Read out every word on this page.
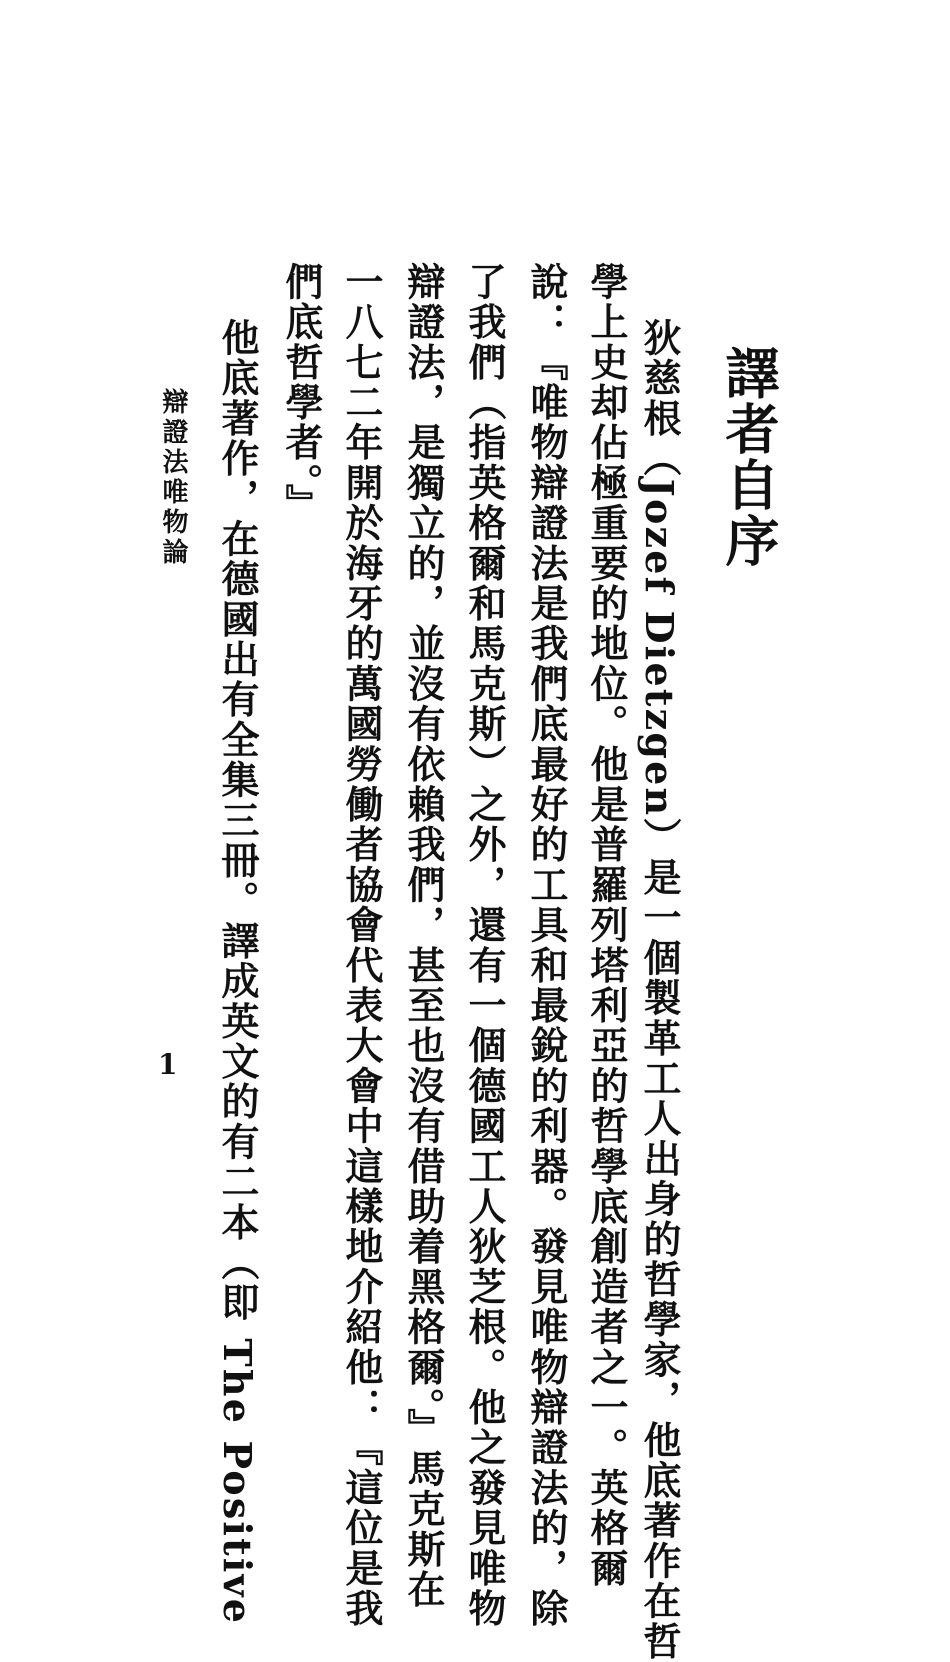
譯者自序
狄慈根（Jozef Dietzgen）是一個製革工人出身的哲學家，他底著作在哲
學上史却佔極重要的地位。他是普羅列塔利亞的哲學底創造者之一。英格爾
說：『唯物辯證法是我們底最好的工具和最銳的利器。發見唯物辯證法的，除
了我們（指英格爾和馬克斯）之外，還有一個德國工人狄芝根。他之發見唯物
辯證法，是獨立的，並沒有依賴我們，甚至也沒有借助着黑格爾。』馬克斯在
一八七二年開於海牙的萬國勞働者協會代表大會中這樣地介紹他：『這位是我
們底哲學者。』
他底著作，在德國出有全集三冊。譯成英文的有二本（即 The Positive
辯證法唯物論
1
